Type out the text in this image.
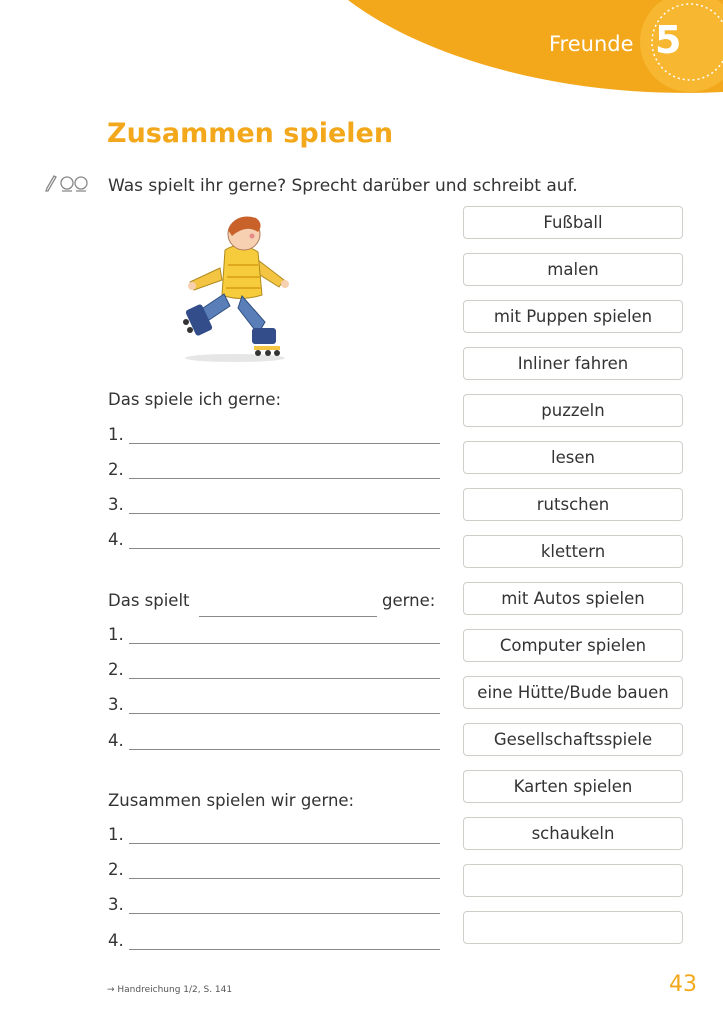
Freunde 5
Zusammen spielen
Was spielt ihr gerne? Sprecht darüber und schreibt auf.
Das spiele ich gerne:
1.
2.
3.
4.
Das spielt	gerne:
1.
2.
3.
4.
Zusammen spielen wir gerne:
1.
2.
3.
4.
Fußball
malen
mit Puppen spielen
Inliner fahren
puzzeln
lesen
rutschen
klettern
mit Autos spielen
Computer spielen
eine Hütte/Bude bauen
Gesellschaftsspiele
Karten spielen
schaukeln
→ Handreichung 1/2, S. 141	43
